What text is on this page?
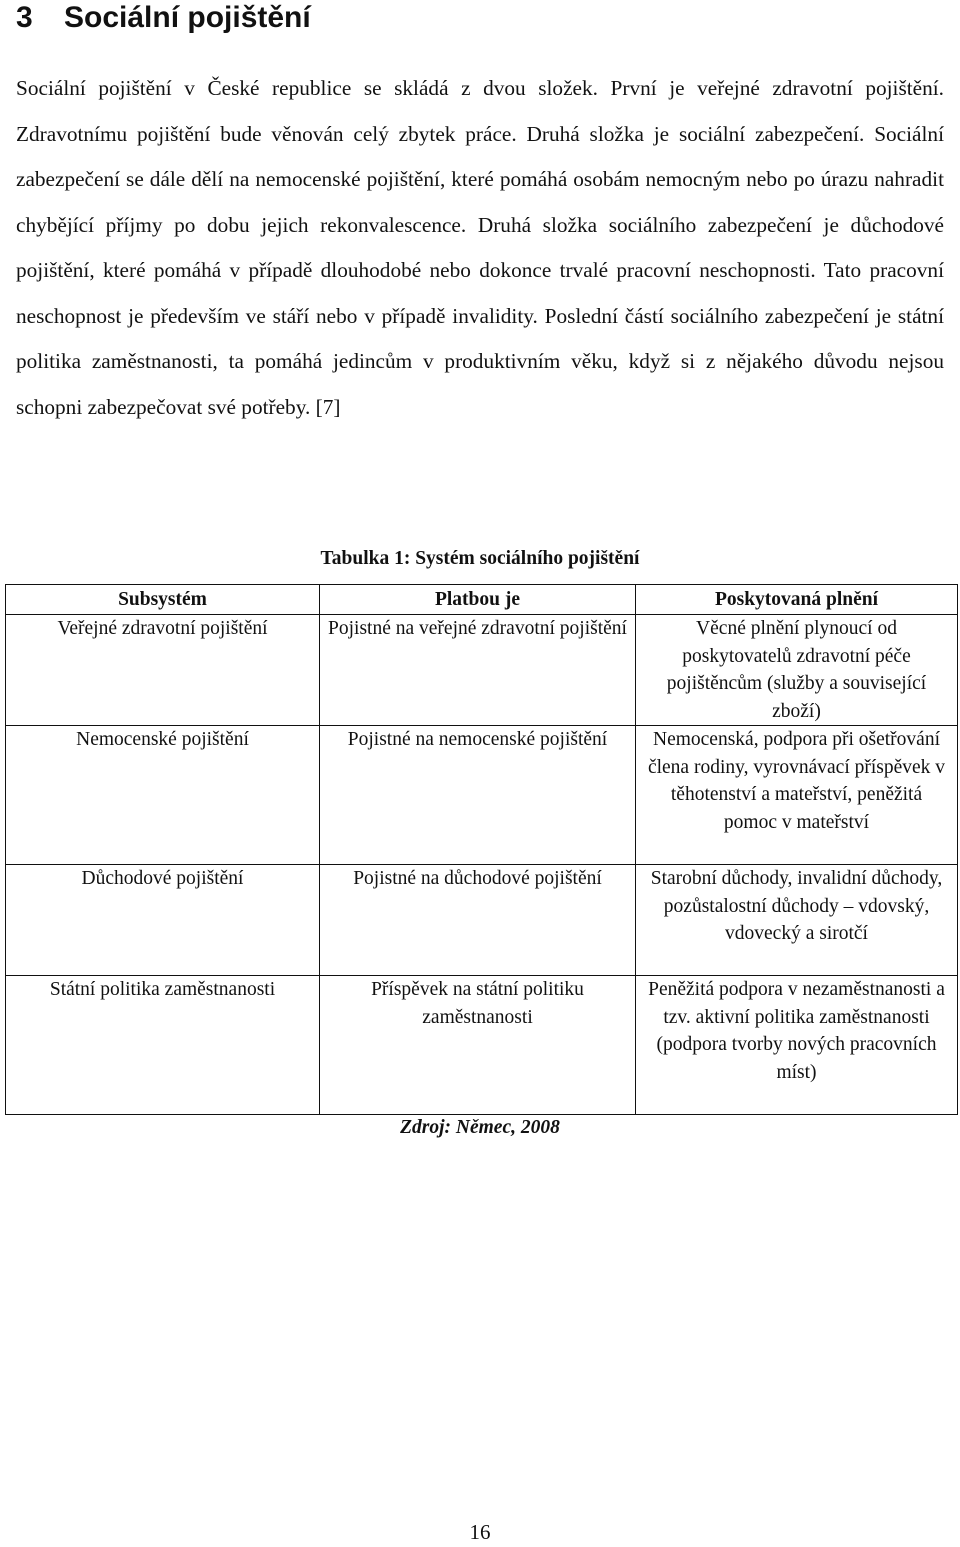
3 Sociální pojištění

Sociální pojištění v České republice se skládá z dvou složek. První je veřejné zdravotní pojištění. Zdravotnímu pojištění bude věnován celý zbytek práce. Druhá složka je sociální zabezpečení. Sociální zabezpečení se dále dělí na nemocenské pojištění, které pomáhá osobám nemocným nebo po úrazu nahradit chybějící příjmy po dobu jejich rekonvalescence. Druhá složka sociálního zabezpečení je důchodové pojištění, které pomáhá v případě dlouhodobé nebo dokonce trvalé pracovní neschopnosti. Tato pracovní neschopnost je především ve stáří nebo v případě invalidity. Poslední částí sociálního zabezpečení je státní politika zaměstnanosti, ta pomáhá jedincům v produktivním věku, když si z nějakého důvodu nejsou schopni zabezpečovat své potřeby. [7]

Tabulka 1: Systém sociálního pojištění
Subsystém	Platbou je	Poskytovaná plnění
Veřejné zdravotní pojištění	Pojistné na veřejné zdravotní pojištění	Věcné plnění plynoucí od poskytovatelů zdravotní péče pojištěncům (služby a související zboží)
Nemocenské pojištění	Pojistné na nemocenské pojištění	Nemocenská, podpora při ošetřování člena rodiny, vyrovnávací příspěvek v těhotenství a mateřství, peněžitá pomoc v mateřství
Důchodové pojištění	Pojistné na důchodové pojištění	Starobní důchody, invalidní důchody, pozůstalostní důchody – vdovský, vdovecký a sirotčí
Státní politika zaměstnanosti	Příspěvek na státní politiku zaměstnanosti	Peněžitá podpora v nezaměstnanosti a tzv. aktivní politika zaměstnanosti (podpora tvorby nových pracovních míst)
Zdroj: Němec, 2008
16
